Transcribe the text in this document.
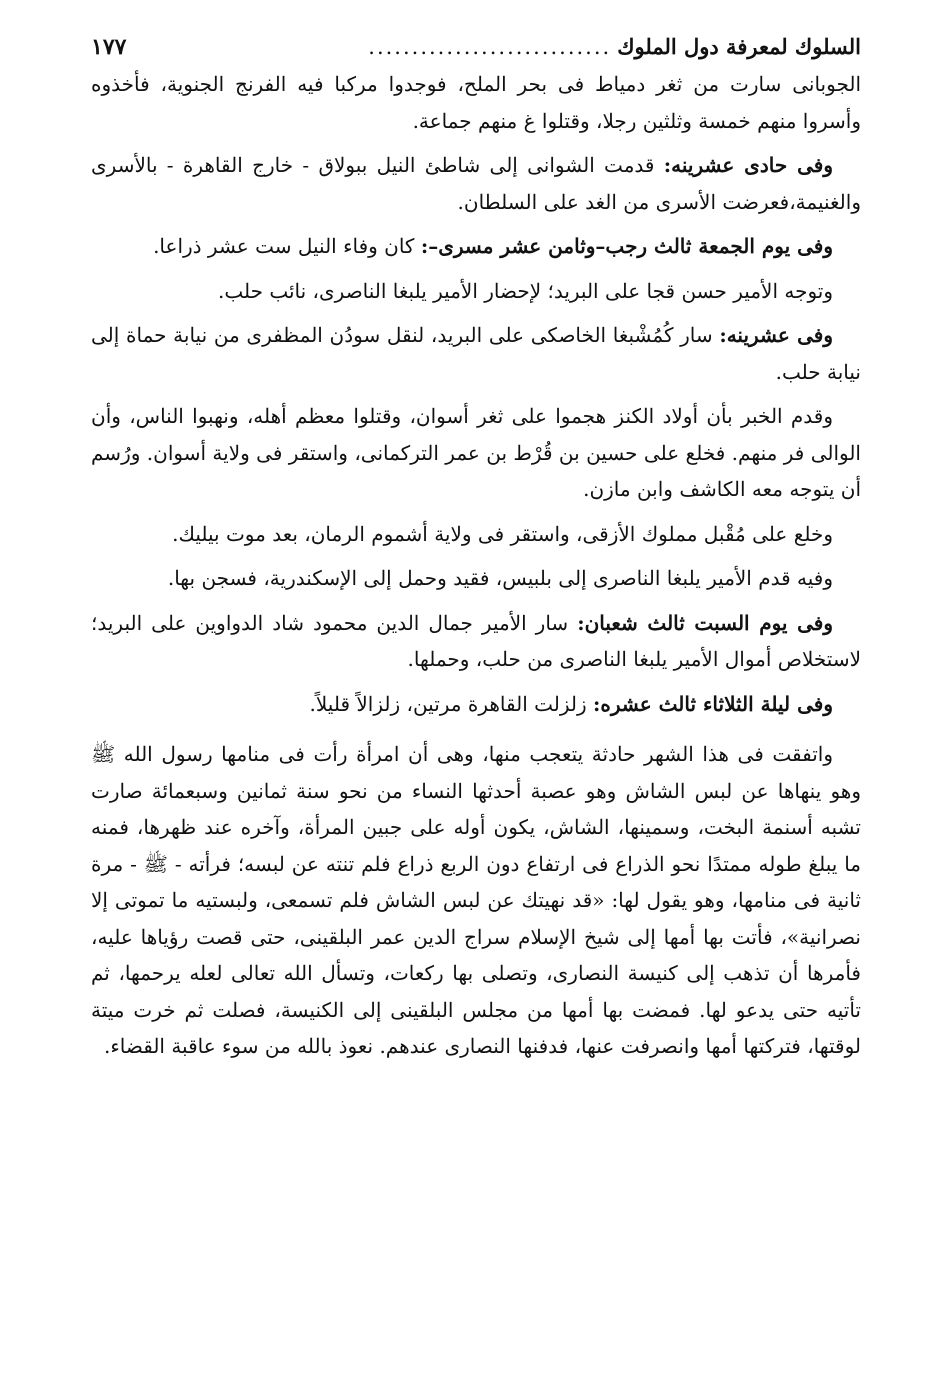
السلوك لمعرفة دول الملوك
............................
١٧٧

الجوبانى سارت من ثغر دمياط فى بحر الملح، فوجدوا مركبا فيه الفرنج الجنوية، فأخذوه وأسروا منهم خمسة وثلثين رجلا، وقتلوا غ منهم جماعة.

وفى حادى عشرينه: قدمت الشوانى إلى شاطئ النيل ببولاق - خارج القاهرة - بالأسرى والغنيمة،فعرضت الأسرى من الغد على السلطان.

وفى يوم الجمعة ثالث رجب–وثامن عشر مسرى–: كان وفاء النيل ست عشر ذراعا.

وتوجه الأمير حسن قجا على البريد؛ لإحضار الأمير يلبغا الناصرى، نائب حلب.

وفى عشرينه: سار كُمُشْبغا الخاصكى على البريد، لنقل سودُن المظفرى من نيابة حماة إلى نيابة حلب.

وقدم الخبر بأن أولاد الكنز هجموا على ثغر أسوان، وقتلوا معظم أهله، ونهبوا الناس، وأن الوالى فر منهم. فخلع على حسين بن قُرْط بن عمر التركمانى، واستقر فى ولاية أسوان. ورُسم أن يتوجه معه الكاشف وابن مازن.

وخلع على مُقْبل مملوك الأزقى، واستقر فى ولاية أشموم الرمان، بعد موت بيليك.

وفيه قدم الأمير يلبغا الناصرى إلى بلبيس، فقيد وحمل إلى الإسكندرية، فسجن بها.

وفى يوم السبت ثالث شعبان: سار الأمير جمال الدين محمود شاد الدواوين على البريد؛ لاستخلاص أموال الأمير يلبغا الناصرى من حلب، وحملها.

وفى ليلة الثلاثاء ثالث عشره: زلزلت القاهرة مرتين، زلزالاً قليلاً.

واتفقت فى هذا الشهر حادثة يتعجب منها، وهى أن امرأة رأت فى منامها رسول الله ﷺ وهو ينهاها عن لبس الشاش وهو عصبة أحدثها النساء من نحو سنة ثمانين وسبعمائة صارت تشبه أسنمة البخت، وسمينها، الشاش، يكون أوله على جبين المرأة، وآخره عند ظهرها، فمنه ما يبلغ طوله ممتدًا نحو الذراع فى ارتفاع دون الربع ذراع فلم تنته عن لبسه؛ فرأته - ﷺ - مرة ثانية فى منامها، وهو يقول لها: «قد نهيتك عن لبس الشاش فلم تسمعى، ولبستيه ما تموتى إلا نصرانية»، فأتت بها أمها إلى شيخ الإسلام سراج الدين عمر البلقينى، حتى قصت رؤياها عليه، فأمرها أن تذهب إلى كنيسة النصارى، وتصلى بها ركعات، وتسأل الله تعالى لعله يرحمها، ثم تأتيه حتى يدعو لها. فمضت بها أمها من مجلس البلقينى إلى الكنيسة، فصلت ثم خرت ميتة لوقتها، فتركتها أمها وانصرفت عنها، فدفنها النصارى عندهم. نعوذ بالله من سوء عاقبة القضاء.
